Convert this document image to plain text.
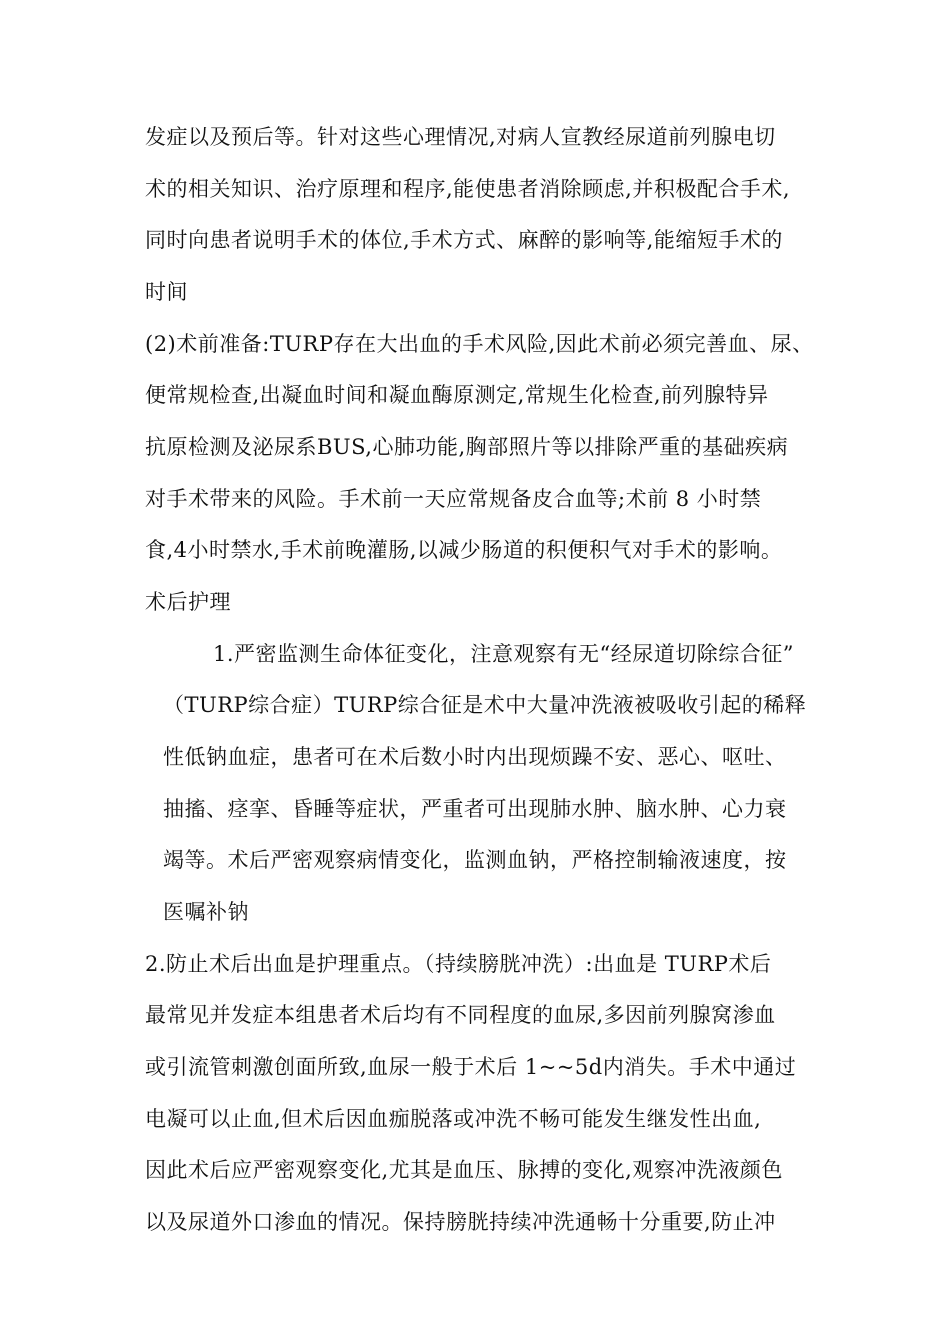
发症以及预后等。针对这些心理情况,对病人宣教经尿道前列腺电切
术的相关知识、治疗原理和程序,能使患者消除顾虑,并积极配合手术,
同时向患者说明手术的体位,手术方式、麻醉的影响等,能缩短手术的
时间
(2)术前准备:TURP存在大出血的手术风险,因此术前必须完善血、尿、
便常规检查,出凝血时间和凝血酶原测定,常规生化检查,前列腺特异
抗原检测及泌尿系BUS,心肺功能,胸部照片等以排除严重的基础疾病
对手术带来的风险。手术前一天应常规备皮合血等;术前 8 小时禁
食,4小时禁水,手术前晚灌肠,以减少肠道的积便积气对手术的影响。
术后护理
1.严密监测生命体征变化，注意观察有无“经尿道切除综合征”
（TURP综合症）TURP综合征是术中大量冲洗液被吸收引起的稀释
性低钠血症，患者可在术后数小时内出现烦躁不安、恶心、呕吐、
抽搐、痉挛、昏睡等症状，严重者可出现肺水肿、脑水肿、心力衰
竭等。术后严密观察病情变化，监测血钠，严格控制输液速度，按
医嘱补钠
2.防止术后出血是护理重点。（持续膀胱冲洗）:出血是 TURP术后
最常见并发症本组患者术后均有不同程度的血尿,多因前列腺窝渗血
或引流管刺激创面所致,血尿一般于术后 1~~5d内消失。手术中通过
电凝可以止血,但术后因血痂脱落或冲洗不畅可能发生继发性出血,
因此术后应严密观察变化,尤其是血压、脉搏的变化,观察冲洗液颜色
以及尿道外口渗血的情况。保持膀胱持续冲洗通畅十分重要,防止冲
